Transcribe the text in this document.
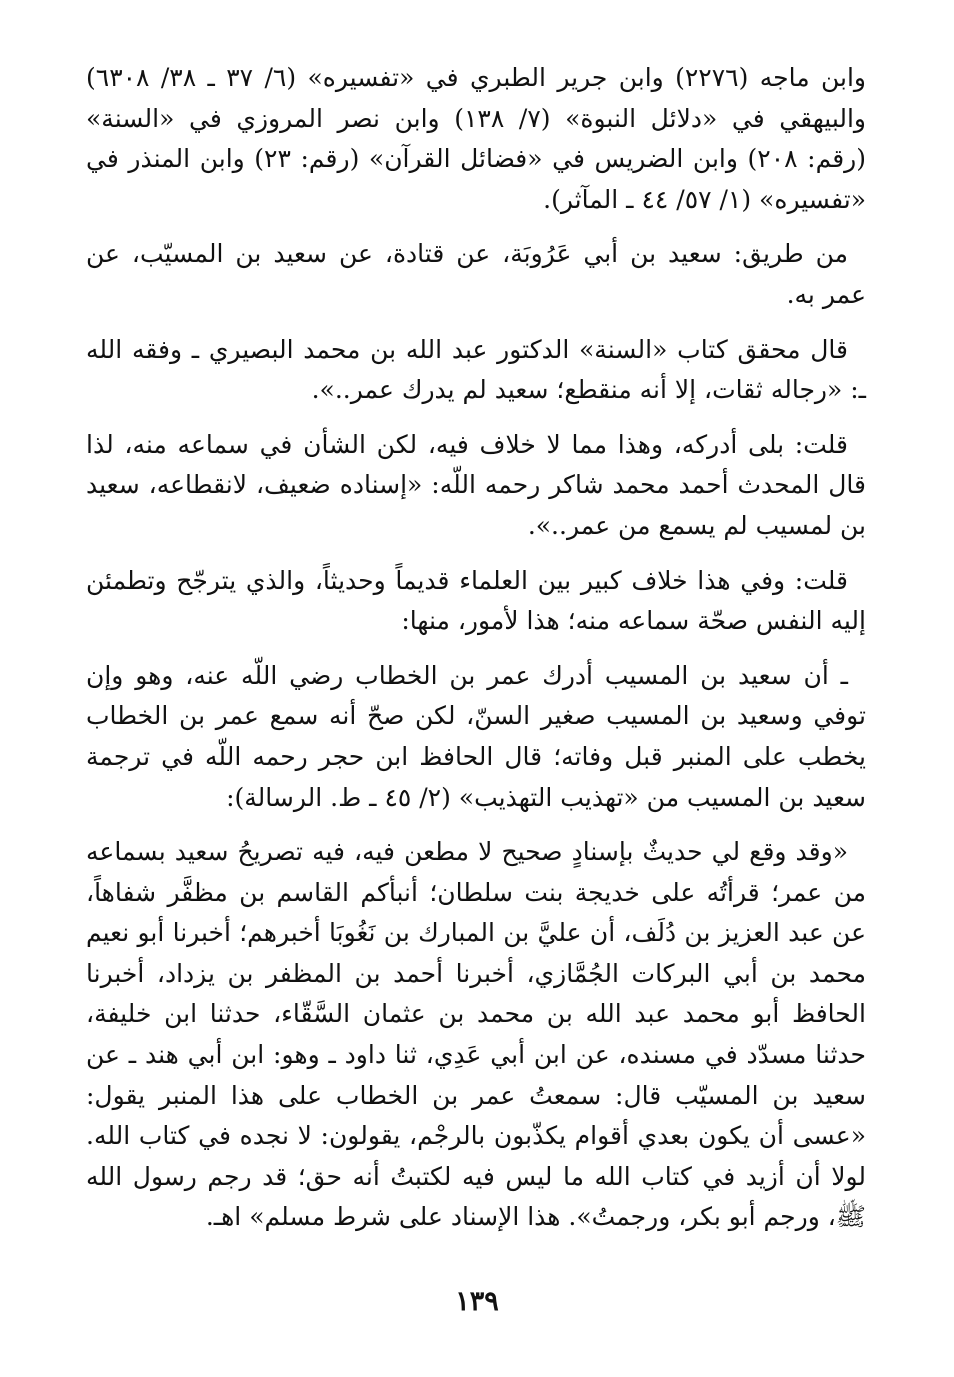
وابن ماجه (٢٢٧٦) وابن جرير الطبري في «تفسيره» (٦/ ٣٧ ـ ٣٨/ ٦٣٠٨) والبيهقي في «دلائل النبوة» (٧/ ١٣٨) وابن نصر المروزي في «السنة» (رقم: ٢٠٨) وابن الضريس في «فضائل القرآن» (رقم: ٢٣) وابن المنذر في «تفسيره» (١/ ٥٧/ ٤٤ ـ المآثر).

من طريق: سعيد بن أبي عَرُوبَة، عن قتادة، عن سعيد بن المسيّب، عن عمر به.

قال محقق كتاب «السنة» الدكتور عبد الله بن محمد البصيري ـ وفقه الله ـ: «رجاله ثقات، إلا أنه منقطع؛ سعيد لم يدرك عمر..».

قلت: بلى أدركه، وهذا مما لا خلاف فيه، لكن الشأن في سماعه منه، لذا قال المحدث أحمد محمد شاكر رحمه اللّه: «إسناده ضعيف، لانقطاعه، سعيد بن لمسيب لم يسمع من عمر..».

قلت: وفي هذا خلاف كبير بين العلماء قديماً وحديثاً، والذي يترجّح وتطمئن إليه النفس صحّة سماعه منه؛ هذا لأمور، منها:

ـ أن سعيد بن المسيب أدرك عمر بن الخطاب رضي اللّه عنه، وهو وإن توفي وسعيد بن المسيب صغير السنّ، لكن صحّ أنه سمع عمر بن الخطاب يخطب على المنبر قبل وفاته؛ قال الحافظ ابن حجر رحمه اللّه في ترجمة سعيد بن المسيب من «تهذيب التهذيب» (٢/ ٤٥ ـ ط. الرسالة):

«وقد وقع لي حديثٌ بإسنادٍ صحيح لا مطعن فيه، فيه تصريحُ سعيد بسماعه من عمر؛ قرأتُه على خديجة بنت سلطان؛ أنبأكم القاسم بن مظفَّر شفاهاً، عن عبد العزيز بن دُلَف، أن عليَّ بن المبارك بن نَغُوبَا أخبرهم؛ أخبرنا أبو نعيم محمد بن أبي البركات الجُمَّازي، أخبرنا أحمد بن المظفر بن يزداد، أخبرنا الحافظ أبو محمد عبد الله بن محمد بن عثمان السَّقّاء، حدثنا ابن خليفة، حدثنا مسدّد في مسنده، عن ابن أبي عَدِي، ثنا داود ـ وهو: ابن أبي هند ـ عن سعيد بن المسيّب قال: سمعتُ عمر بن الخطاب على هذا المنبر يقول: «عسى أن يكون بعدي أقوام يكذّبون بالرجْم، يقولون: لا نجده في كتاب الله. لولا أن أزيد في كتاب الله ما ليس فيه لكتبتُ أنه حق؛ قد رجم رسول الله ﷺ، ورجم أبو بكر، ورجمتُ». هذا الإسناد على شرط مسلم» اهـ.

١٣٩
